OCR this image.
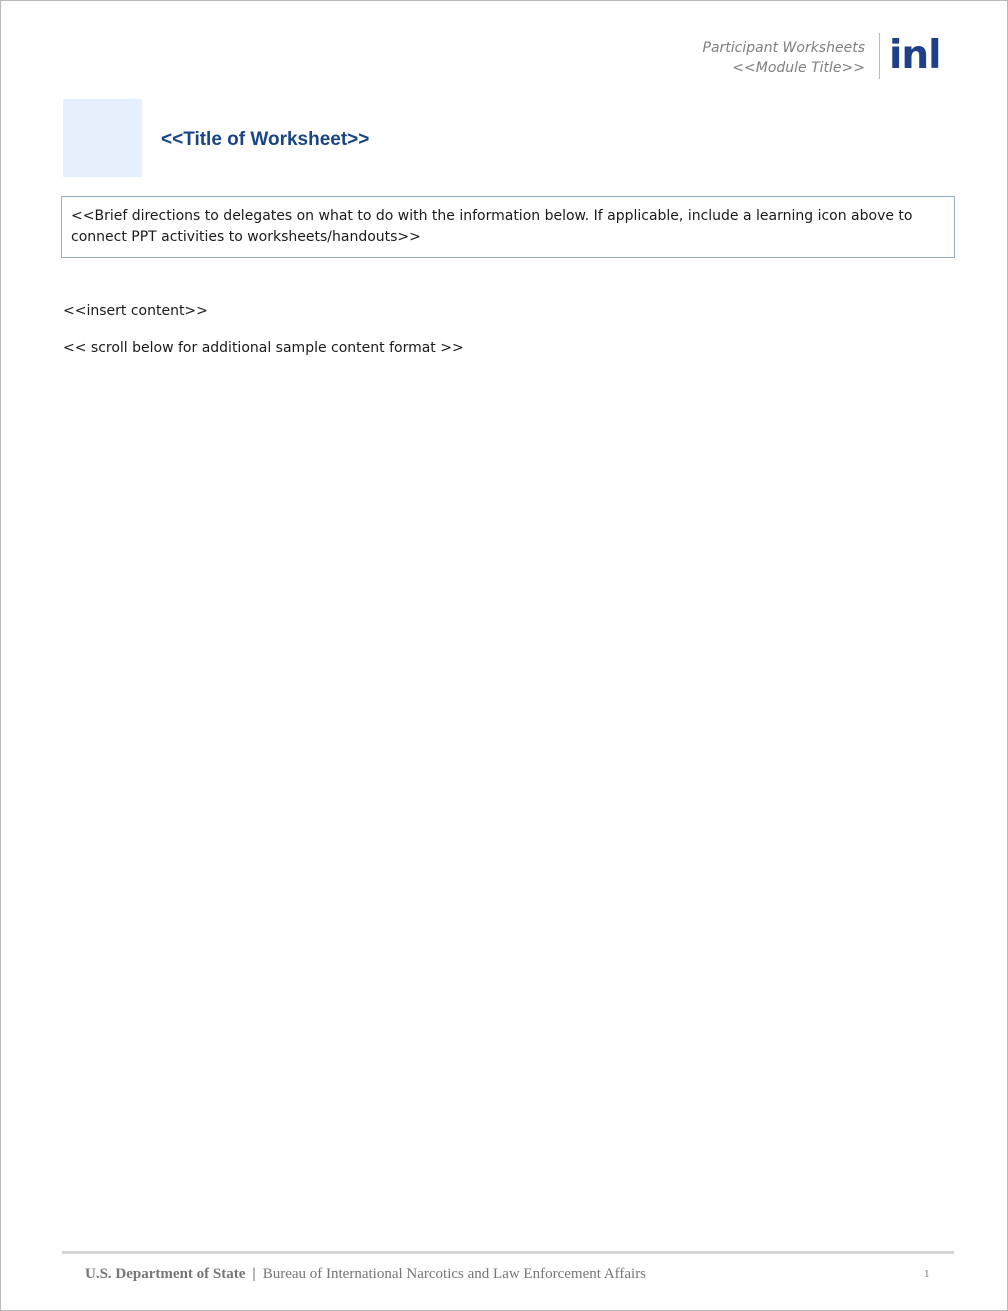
Participant Worksheets
<<Module Title>> inl
<<Title of Worksheet>>
<<Brief directions to delegates on what to do with the information below. If applicable, include a learning icon above to connect PPT activities to worksheets/handouts>>
<<insert content>>
<< scroll below for additional sample content format >>
U.S. Department of State | Bureau of International Narcotics and Law Enforcement Affairs	1
